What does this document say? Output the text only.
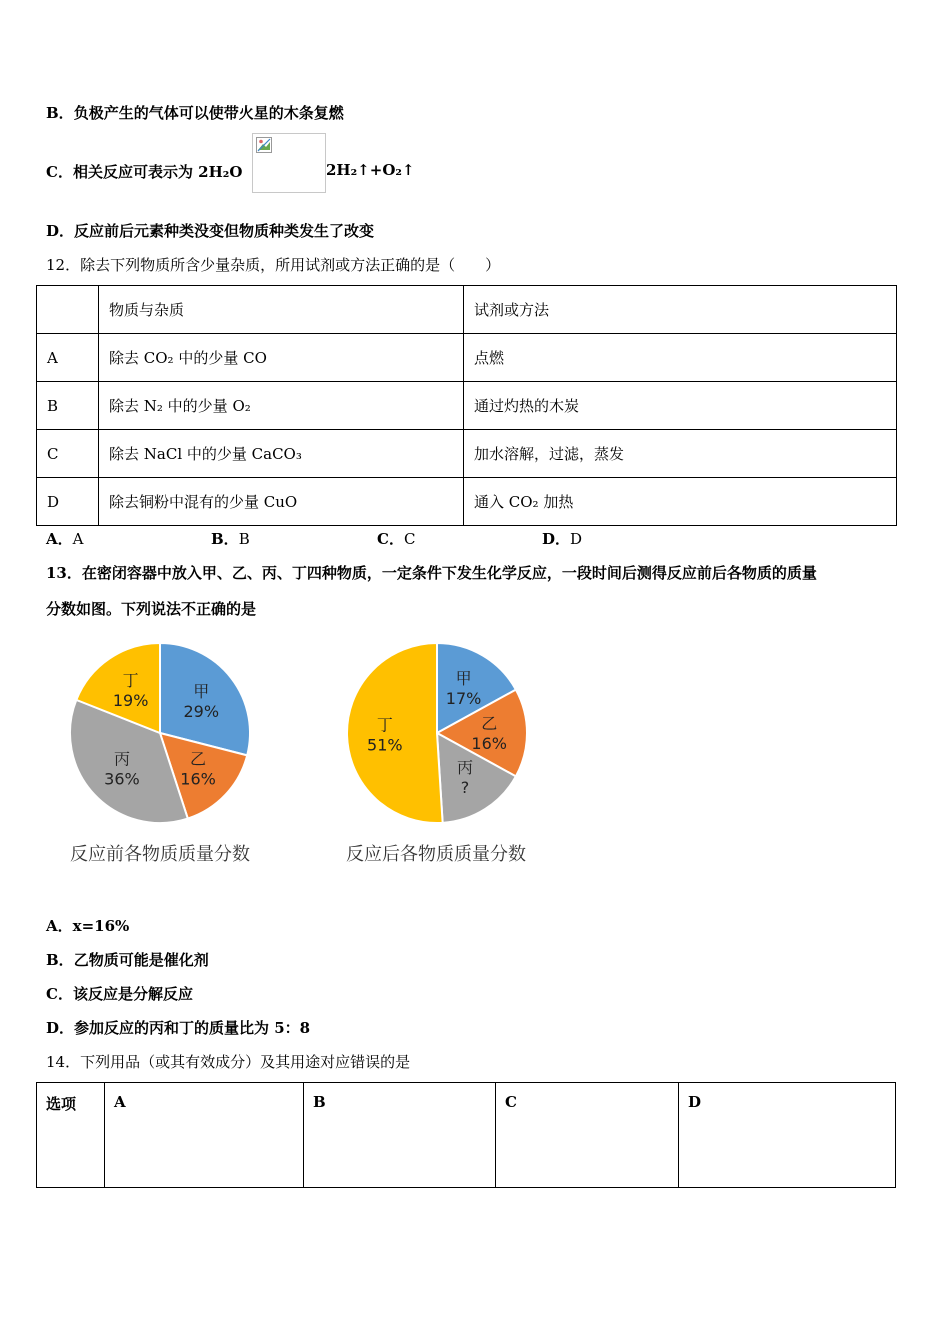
B．负极产生的气体可以使带火星的木条复燃
C．相关反应可表示为 2H₂O	2H₂↑+O₂↑
D．反应前后元素种类没变但物质种类发生了改变
12．除去下列物质所含少量杂质，所用试剂或方法正确的是（　　）
	物质与杂质	试剂或方法
A	除去 CO₂ 中的少量 CO	点燃
B	除去 N₂ 中的少量 O₂	通过灼热的木炭
C	除去 NaCl 中的少量 CaCO₃	加水溶解，过滤，蒸发
D	除去铜粉中混有的少量 CuO	通入 CO₂ 加热
A．A	B．B	C．C	D．D
13．在密闭容器中放入甲、乙、丙、丁四种物质，一定条件下发生化学反应，一段时间后测得反应前后各物质的质量
分数如图。下列说法不正确的是
甲
29%
乙
16%
丙
36%
丁
19%
甲
17%
乙
16%
丙
?
丁
51%
反应前各物质质量分数	反应后各物质质量分数
A．x=16%
B．乙物质可能是催化剂
C．该反应是分解反应
D．参加反应的丙和丁的质量比为 5：8
14．下列用品（或其有效成分）及其用途对应错误的是
选项	A	B	C	D
